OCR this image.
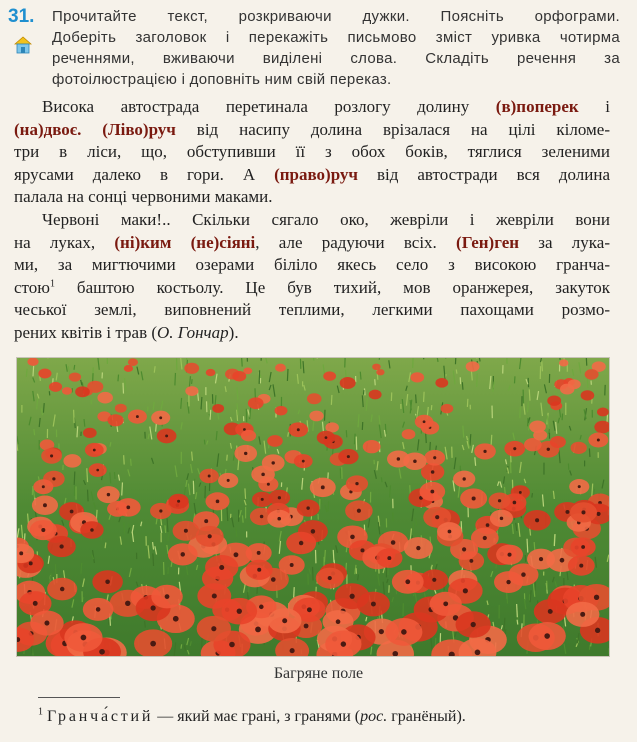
31. Прочитайте текст, розкриваючи дужки. Поясніть орфограми.
Доберіть заголовок і перекажіть письмово зміст уривка чотирма
реченнями, вживаючи виділені слова. Складіть речення за
фотоілюстрацією і доповніть ним свій переказ.
Висока автострада перетинала розлогу долину (в)поперек і
(на)двоє. (Ліво)руч від насипу долина врізалася на цілі кіломе-
три в ліси, що, обступивши її з обох боків, тяглися зеленими
ярусами далеко в гори. А (право)руч від автостради вся долина
палала на сонці червоними маками.
Червоні маки!.. Скільки сягало око, жевріли і жевріли вони
на луках, (ні)ким (не)сіяні, але радуючи всіх. (Ген)ген за лука-
ми, за мигтючими озерами біліло якесь село з високою гранча-
стою$^1$ баштою костьолу. Це був тихий, мов оранжерея, закуток
чеської землі, виповнений теплими, легкими пахощами розмо-
рених квітів і трав (О. Гончар).
Багряне поле
$^1$ Гранча́стий — який має грані, з гранями (рос. гранёный).
